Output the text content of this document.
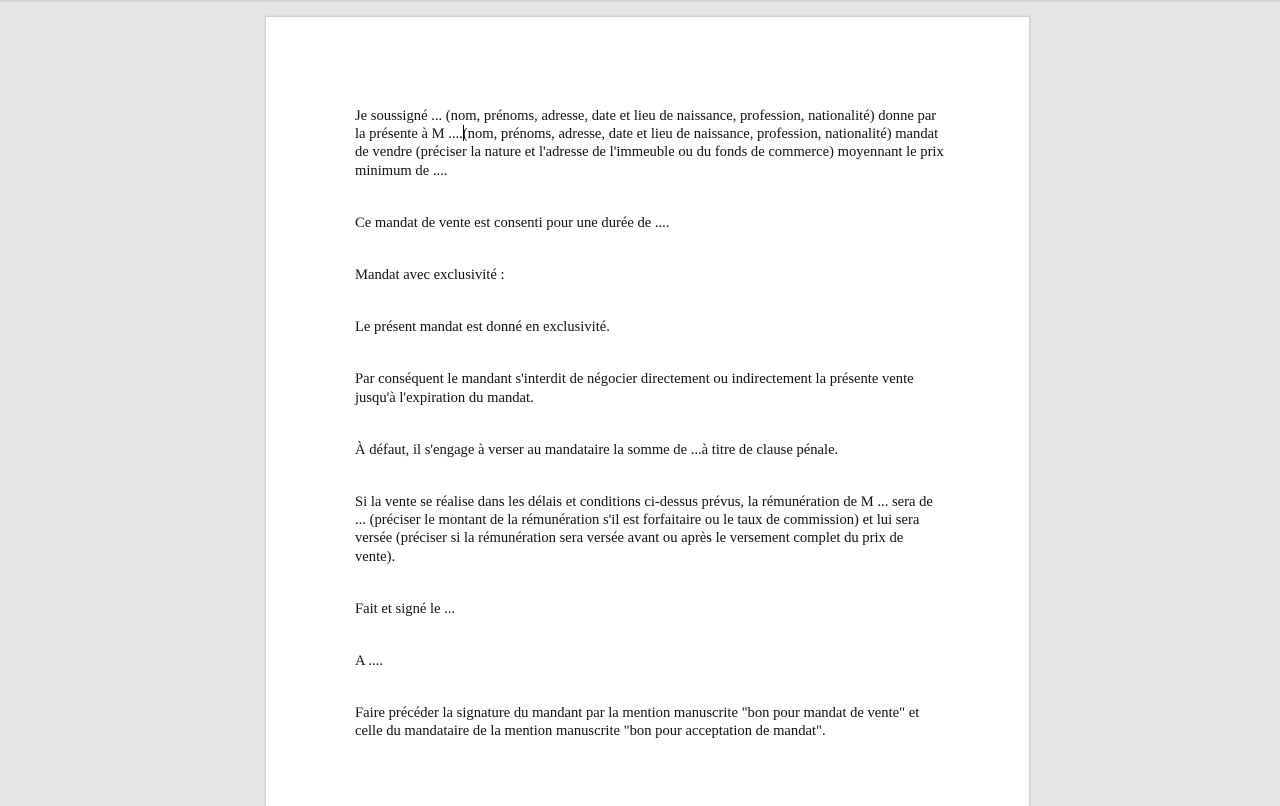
Je soussigné ... (nom, prénoms, adresse, date et lieu de naissance, profession, nationalité) donne par la présente à M ....(nom, prénoms, adresse, date et lieu de naissance, profession, nationalité) mandat de vendre (préciser la nature et l'adresse de l'immeuble ou du fonds de commerce) moyennant le prix minimum de ....

Ce mandat de vente est consenti pour une durée de ....

Mandat avec exclusivité :

Le présent mandat est donné en exclusivité.

Par conséquent le mandant s'interdit de négocier directement ou indirectement la présente vente jusqu'à l'expiration du mandat.

À défaut, il s'engage à verser au mandataire la somme de ...à titre de clause pénale.

Si la vente se réalise dans les délais et conditions ci-dessus prévus, la rémunération de M ... sera de ... (préciser le montant de la rémunération s'il est forfaitaire ou le taux de commission) et lui sera versée (préciser si la rémunération sera versée avant ou après le versement complet du prix de vente).

Fait et signé le ...

A ....

Faire précéder la signature du mandant par la mention manuscrite "bon pour mandat de vente" et celle du mandataire de la mention manuscrite "bon pour acceptation de mandat".
